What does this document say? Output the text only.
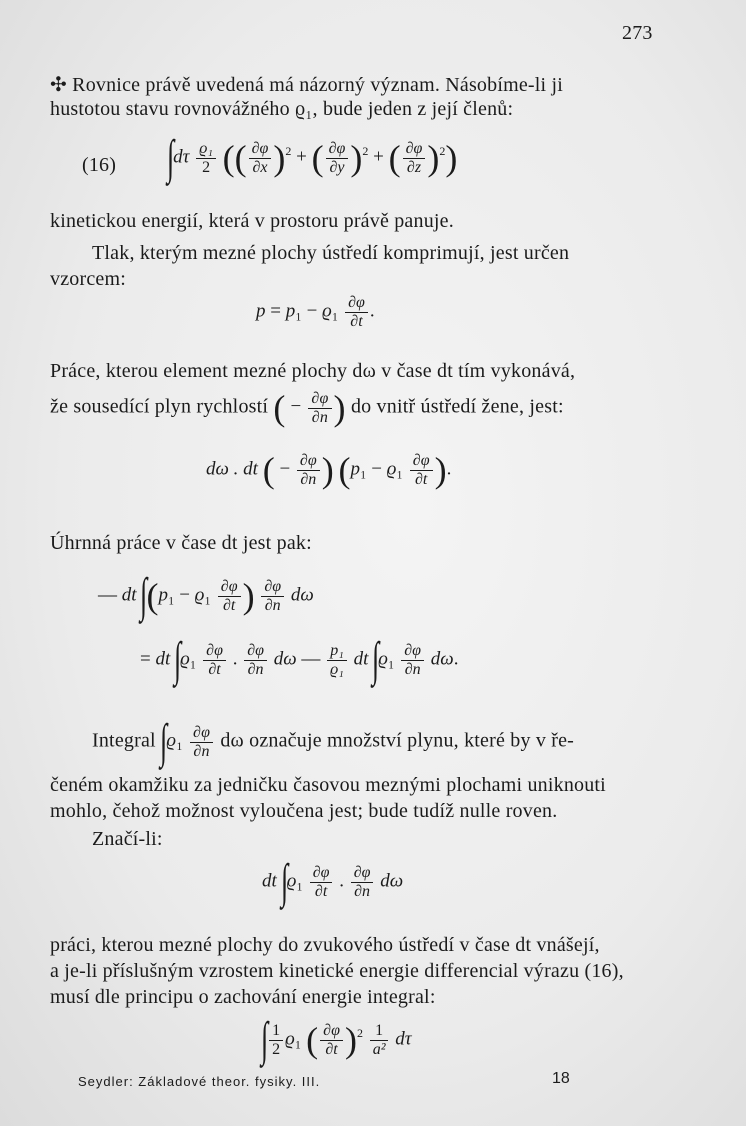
273
✣ Rovnice právě uvedená má názorný význam. Násobíme-li ji
hustotou stavu rovnovážného ϱ₁, bude jeden z její členů:
(16) $\int d\tau \frac{\text{ϱ₁}}{2}$ (( $\frac{\partial\varphi}{\partial x} )^2$ + ( $\frac{\partial\varphi}{\partial y} )^2$ + ( $\frac{\partial\varphi}{\partial z} )^2$)
kinetickou energií, která v prostoru právě panuje.
Tlak, kterým mezné plochy ústředí komprimují, jest určen
vzorcem:
$p = p_1 - ϱ_1 \frac{\partial\varphi}{\partial t}$ .
Práce, kterou element mezné plochy dω v čase dt tím vykonává,
že sousedící plyn rychlostí ( − $\frac{\partial\varphi}{\partial n}$ ) do vnitř ústředí žene, jest:
dω . dt ( − $\frac{\partial\varphi}{\partial n}$ ) ($p_1 - ϱ_1 \frac{\partial\varphi}{\partial t}$ ).
Úhrnná práce v čase dt jest pak:
— dt $\int(p_1 - ϱ_1 \frac{\partial\varphi}{\partial t}$ ) $\frac{\partial\varphi}{\partial n}$ dω
= dt $\int ϱ_1 \frac{\partial\varphi}{\partial t}$ . $\frac{\partial\varphi}{\partial n}$ dω — $\frac{\text{p₁}}{\text{ϱ₁}}$ dt $\int ϱ_1 \frac{\partial\varphi}{\partial n} d\omega$.
Integral $\int ϱ_1 \frac{\partial\varphi}{\partial n}$ dω označuje množství plynu, které by v ře-
čeném okamžiku za jedničku časovou meznými plochami uniknouti
mohlo, čehož možnost vyloučena jest; bude tudíž nulle roven.
Značí-li:
dt $\int ϱ_1 \frac{\partial\varphi}{\partial t}$ . $\frac{\partial\varphi}{\partial n}$ dω
práci, kterou mezné plochy do zvukového ústředí v čase dt vnášejí,
a je-li příslušným vzrostem kinetické energie differencial výrazu (16),
musí dle principu o zachování energie integral:
∫ $\frac{1}{2} ϱ_1$ ( $\frac{\partial\varphi}{\partial t} )^2 \frac{1}{\text{a²}}$ dτ
Seydler: Základové theor. fysiky. III.	18
